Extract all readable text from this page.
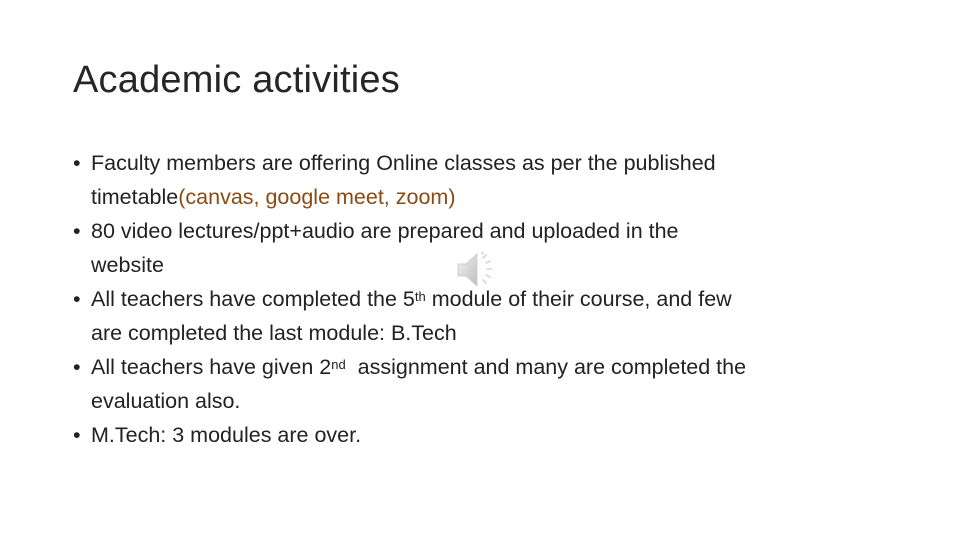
Academic activities
• Faculty members are offering Online classes as per the published
timetable(canvas, google meet, zoom)
• 80 video lectures/ppt+audio are prepared and uploaded in the
website
• All teachers have completed the 5th module of their course, and few
are completed the last module: B.Tech
• All teachers have given 2nd  assignment and many are completed the
evaluation also.
• M.Tech: 3 modules are over.
